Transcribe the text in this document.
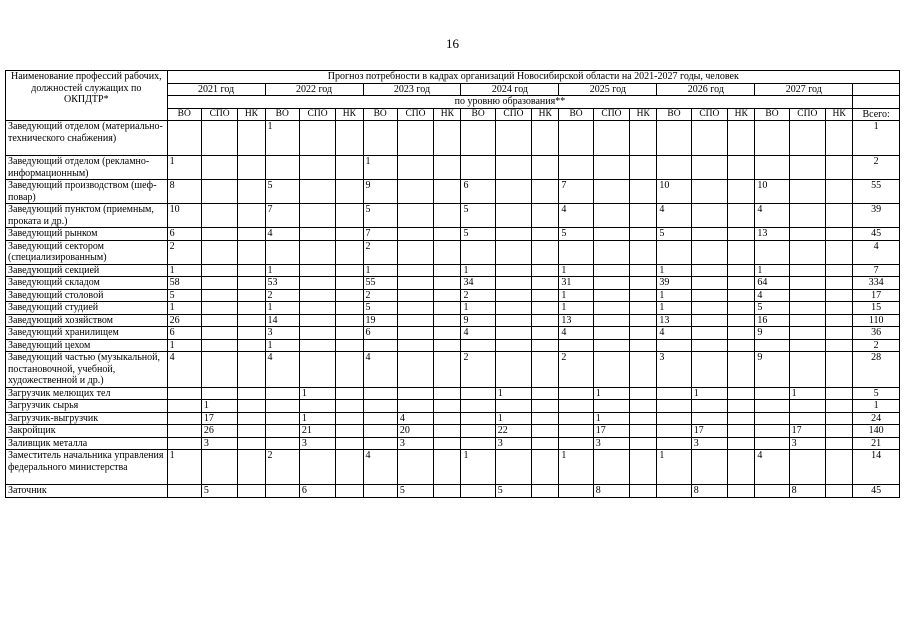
16
Наименование профессий рабочих, должностей служащих по ОКПДТР*	Прогноз потребности в кадрах организаций Новосибирской области на 2021-2027 годы, человек																					
	2021 год			2022 год			2023 год			2024 год			2025 год			2026 год			2027 год			
	по уровню образования**																					
	ВО	СПО	НК	ВО	СПО	НК	ВО	СПО	НК	ВО	СПО	НК	ВО	СПО	НК	ВО	СПО	НК	ВО	СПО	НК	Всего:
Заведующий отделом (материально-технического снабжения)				1																		1
Заведующий отделом (рекламно-информационным)	1						1															2
Заведующий производством (шеф-повар)	8			5			9			6			7			10			10			55
Заведующий пунктом (приемным, проката и др.)	10			7			5			5			4			4			4			39
Заведующий рынком	6			4			7			5			5			5			13			45
Заведующий сектором (специализированным)	2						2															4
Заведующий секцией	1			1			1			1			1			1			1			7
Заведующий складом	58			53			55			34			31			39			64			334
Заведующий столовой	5			2			2			2			1			1			4			17
Заведующий студией	1			1			5			1			1			1			5			15
Заведующий хозяйством	26			14			19			9			13			13			16			110
Заведующий хранилищем	6			3			6			4			4			4			9			36
Заведующий цехом	1			1																		2
Заведующий частью (музыкальной, постановочной, учебной, художественной и др.)	4			4			4			2			2			3			9			28
Загрузчик мелющих тел					1						1			1			1			1		5
Загрузчик сырья		1																				1
Загрузчик-выгрузчик		17			1			4			1			1								24
Закройщик		26			21			20			22			17			17			17		140
Заливщик металла		3			3			3			3			3			3			3		21
Заместитель начальника управления федерального министерства	1			2			4			1			1			1			4			14
Заточник		5			6			5			5			8			8			8		45
